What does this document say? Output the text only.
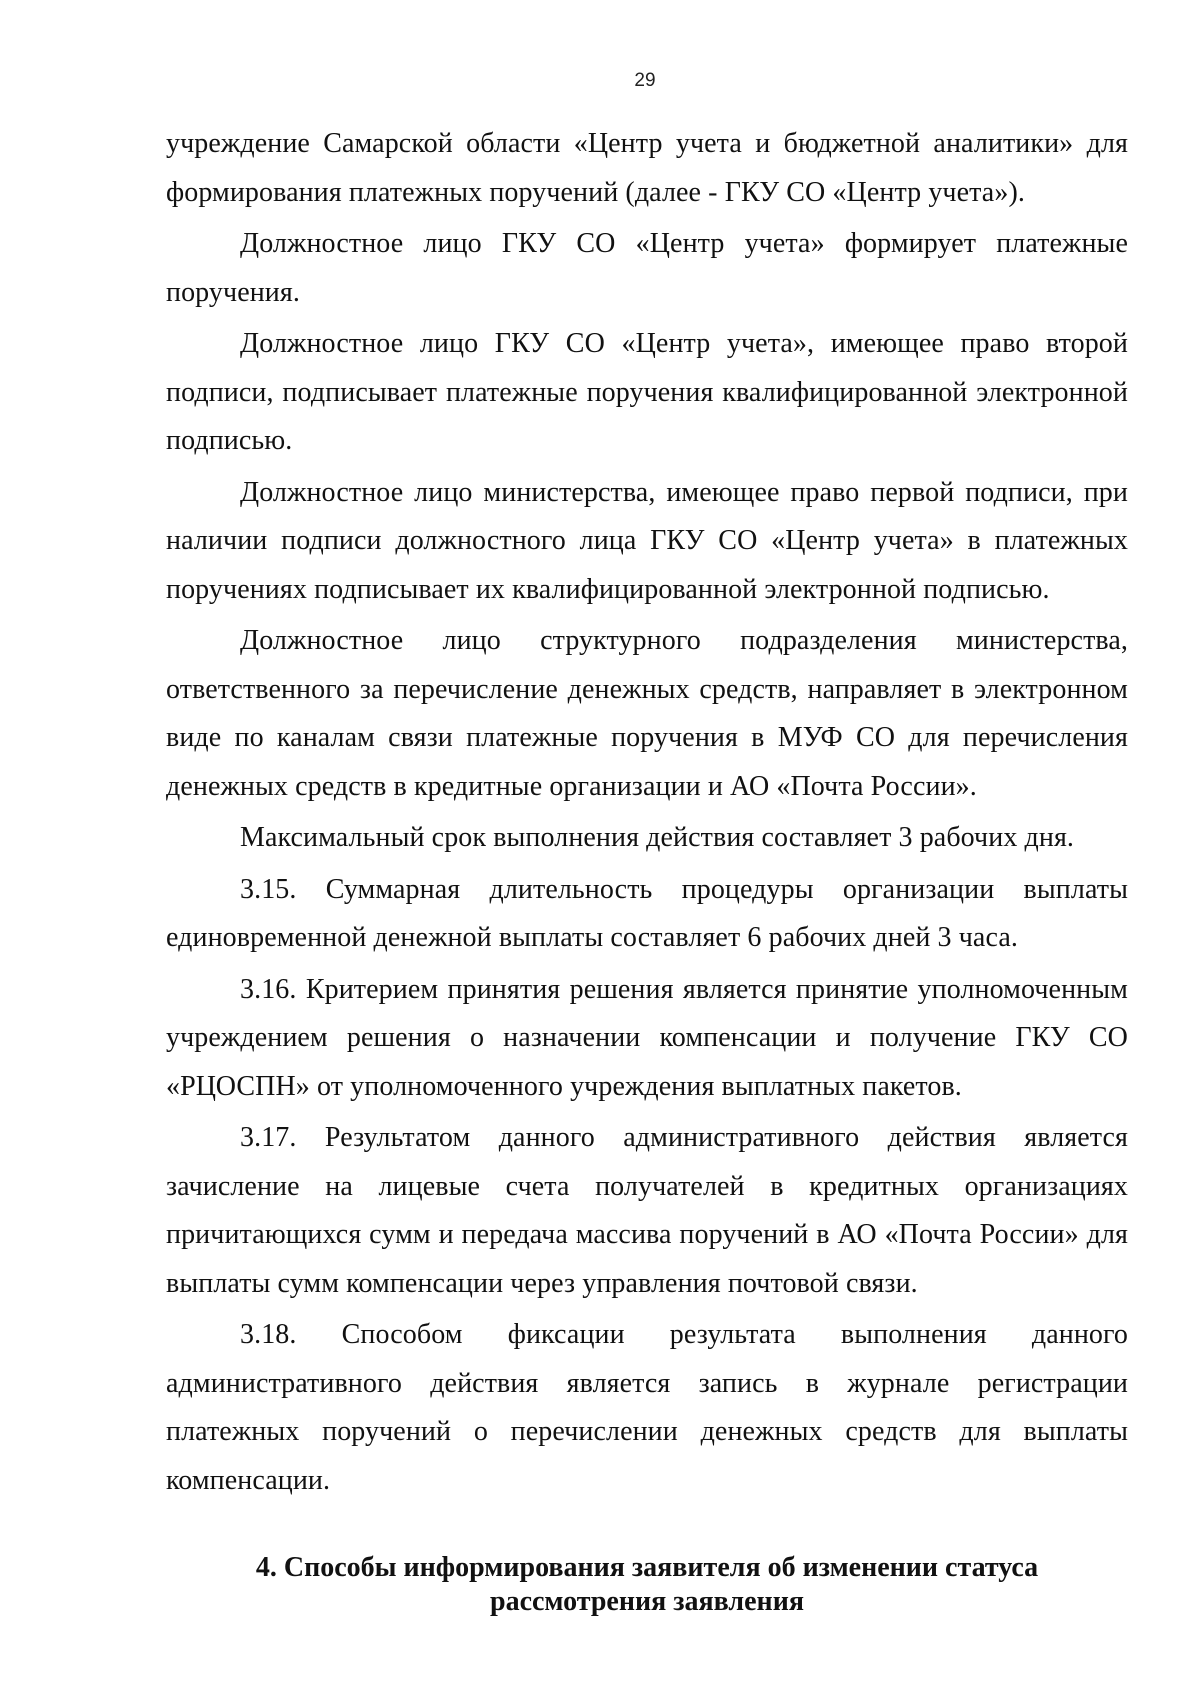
29

учреждение Самарской области «Центр учета и бюджетной аналитики» для формирования платежных поручений (далее - ГКУ СО «Центр учета»).

Должностное лицо ГКУ СО «Центр учета» формирует платежные поручения.

Должностное лицо ГКУ СО «Центр учета», имеющее право второй подписи, подписывает платежные поручения квалифицированной электронной подписью.

Должностное лицо министерства, имеющее право первой подписи, при наличии подписи должностного лица ГКУ СО «Центр учета» в платежных поручениях подписывает их квалифицированной электронной подписью.

Должностное лицо структурного подразделения министерства, ответственного за перечисление денежных средств, направляет в электронном виде по каналам связи платежные поручения в МУФ СО для перечисления денежных средств в кредитные организации и АО «Почта России».

Максимальный срок выполнения действия составляет 3 рабочих дня.

3.15. Суммарная длительность процедуры организации выплаты единовременной денежной выплаты составляет 6 рабочих дней 3 часа.

3.16. Критерием принятия решения является принятие уполномоченным учреждением решения о назначении компенсации и получение ГКУ СО «РЦОСПН» от уполномоченного учреждения выплатных пакетов.

3.17. Результатом данного административного действия является зачисление на лицевые счета получателей в кредитных организациях причитающихся сумм и передача массива поручений в АО «Почта России» для выплаты сумм компенсации через управления почтовой связи.

3.18. Способом фиксации результата выполнения данного административного действия является запись в журнале регистрации платежных поручений о перечислении денежных средств для выплаты компенсации.

4. Способы информирования заявителя об изменении статуса
рассмотрения заявления
